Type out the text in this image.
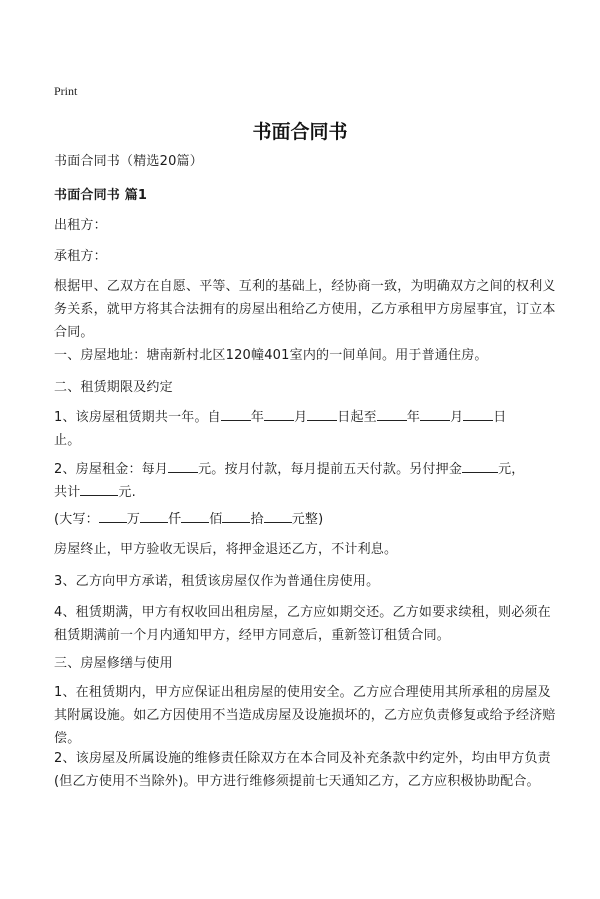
Print
书面合同书
书面合同书（精选20篇）
书面合同书 篇1
出租方：
承租方：
根据甲、乙双方在自愿、平等、互利的基础上，经协商一致，为明确双方之间的权利义务关系，就甲方将其合法拥有的房屋出租给乙方使用，乙方承租甲方房屋事宜，订立本合同。
一、房屋地址：塘南新村北区120幢401室内的一间单间。用于普通住房。
二、租赁期限及约定
1、该房屋租赁期共一年。自 年 月 日起至 年 月 日
止。
2、房屋租金：每月 元。按月付款，每月提前五天付款。另付押金	元，
共计	元.
(大写： 万 仟 佰 拾 元整)
房屋终止，甲方验收无误后，将押金退还乙方，不计利息。
3、乙方向甲方承诺，租赁该房屋仅作为普通住房使用。
4、租赁期满，甲方有权收回出租房屋，乙方应如期交还。乙方如要求续租，则必须在租赁期满前一个月内通知甲方，经甲方同意后，重新签订租赁合同。
三、房屋修缮与使用
1、在租赁期内，甲方应保证出租房屋的使用安全。乙方应合理使用其所承租的房屋及其附属设施。如乙方因使用不当造成房屋及设施损坏的，乙方应负责修复或给予经济赔偿。
2、该房屋及所属设施的维修责任除双方在本合同及补充条款中约定外，均由甲方负责(但乙方使用不当除外)。甲方进行维修须提前七天通知乙方，乙方应积极协助配合。
